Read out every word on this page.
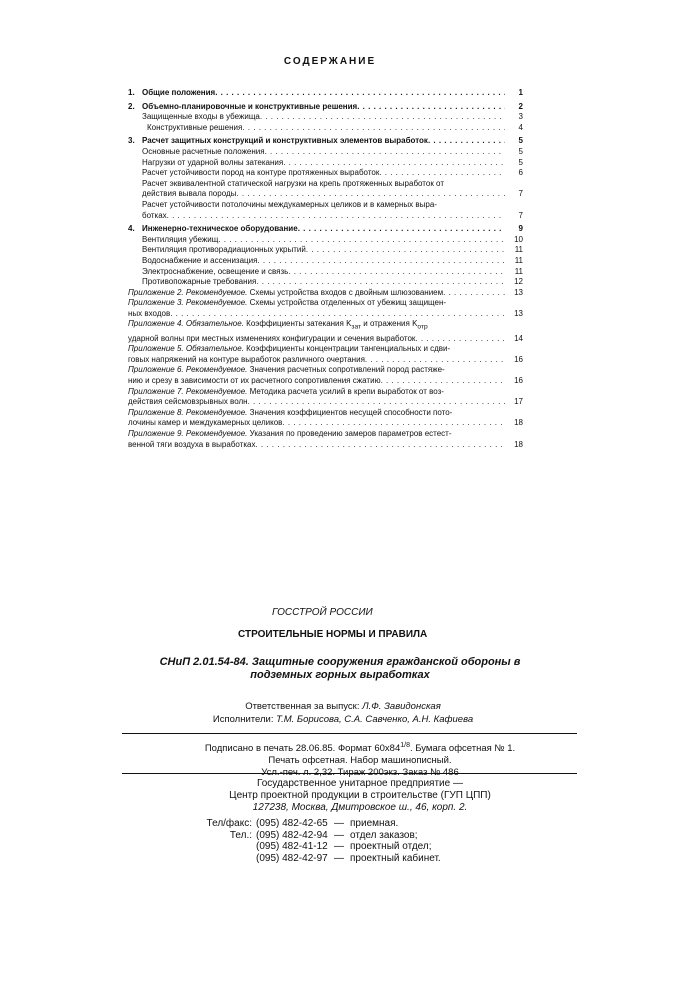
СОДЕРЖАНИЕ
1. Общие положения . . .	1
2. Объемно-планировочные и конструктивные решения . . .	2
Защищенные входы в убежища . . .	3
Конструктивные решения . . .	4
3. Расчет защитных конструкций и конструктивных элементов выработок . . .	5
Основные расчетные положения . . .	5
Нагрузки от ударной волны затекания . . .	5
Расчет устойчивости пород на контуре протяженных выработок . . .	6
Расчет эквивалентной статической нагрузки на крепь протяженных выработок от
действия вывала породы . . .	7
Расчет устойчивости потолочины междукамерных целиков и в камерных выра-
ботках . . .	7
4. Инженерно-техническое оборудование . . .	9
Вентиляция убежищ . . .	10
Вентиляция противорадиационных укрытий . . .	11
Водоснабжение и ассенизация . . .	11
Электроснабжение, освещение и связь . . .	11
Противопожарные требования . . .	12
Приложение 2. Рекомендуемое. Схемы устройства входов с двойным шлюзованием . . .	13
Приложение 3. Рекомендуемое. Схемы устройства отделенных от убежищ защищен-
ных входов . . .	13
Приложение 4. Обязательное. Коэффициенты затекания $K_{зат}$ и отражения $K_{отр}$
ударной волны при местных изменениях конфигурации и сечения выработок . . .	14
Приложение 5. Обязательное. Коэффициенты концентрации тангенциальных и сдви-
говых напряжений на контуре выработок различного очертания . . .	16
Приложение 6. Рекомендуемое. Значения расчетных сопротивлений пород растяже-
нию и срезу в зависимости от их расчетного сопротивления сжатию . . .	16
Приложение 7. Рекомендуемое. Методика расчета усилий в крепи выработок от воз-
действия сейсмовзрывных волн . . .	17
Приложение 8. Рекомендуемое. Значения коэффициентов несущей способности пото-
лочины камер и междукамерных целиков . . .	18
Приложение 9. Рекомендуемое. Указания по проведению замеров параметров естест-
венной тяги воздуха в выработках . . .	18
ГОССТРОЙ РОССИИ
СТРОИТЕЛЬНЫЕ НОРМЫ И ПРАВИЛА
СНиП 2.01.54-84. Защитные сооружения гражданской обороны в подземных горных выработках
Ответственная за выпуск: Л.Ф. Завидонская
Исполнители: Т.М. Борисова, С.А. Савченко, А.Н. Кафиева
Подписано в печать 28.06.85. Формат $60x84^{1/8}$. Бумага офсетная № 1.
Печать офсетная. Набор машинописный.
Усл.-печ. л. 2,32. Тираж 200экз. Заказ № 486
Государственное унитарное предприятие —
Центр проектной продукции в строительстве (ГУП ЦПП)
127238, Москва, Дмитровское ш., 46, корп. 2.
Тел/факс: (095) 482-42-65 — приемная.
Тел.: (095) 482-42-94 — отдел заказов;
(095) 482-41-12 — проектный отдел;
(095) 482-42-97 — проектный кабинет.
